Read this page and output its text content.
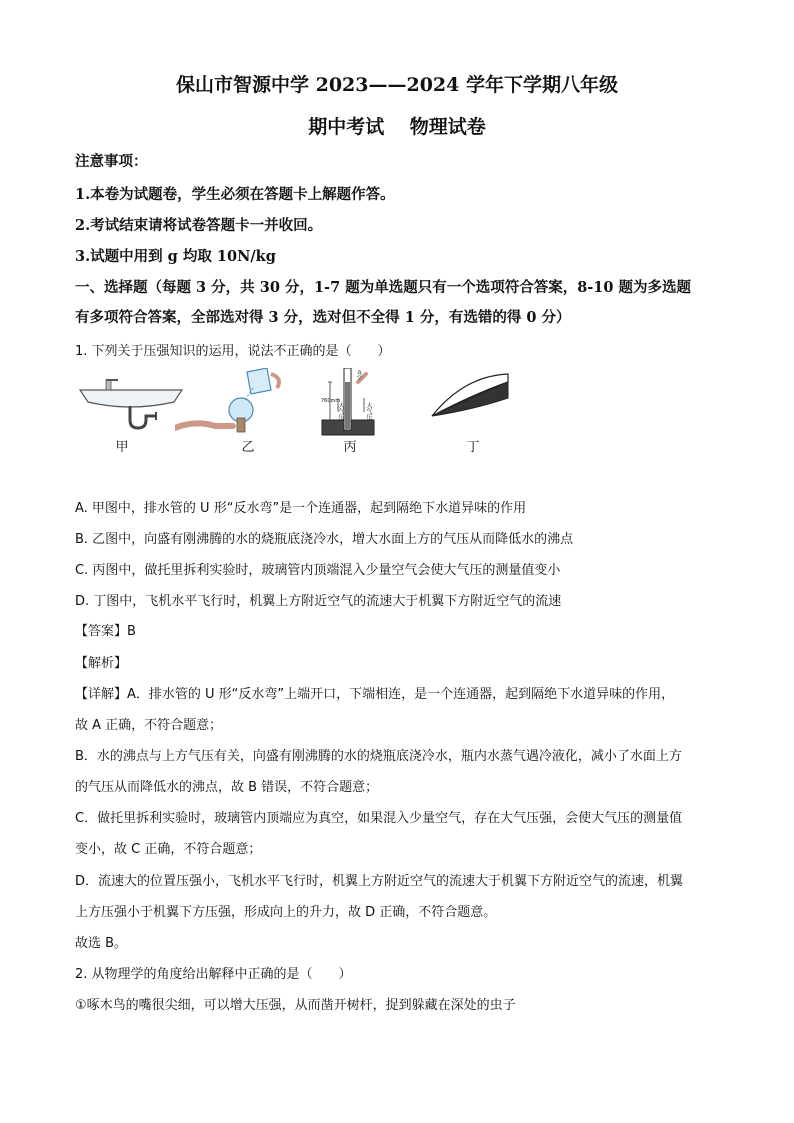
保山市智源中学 2023——2024 学年下学期八年级
期中考试　 物理试卷
注意事项：
1.本卷为试题卷，学生必须在答题卡上解题作答。
2.考试结束请将试卷答题卡一并收回。
3.试题中用到 g 均取 10N/kg
一、选择题（每题 3 分，共 30 分，1-7 题为单选题只有一个选项符合答案，8-10 题为多选题
有多项符合答案，全部选对得 3 分，选对但不全得 1 分，有选错的得 0 分）
1. 下列关于压强知识的运用，说法不正确的是（　　）
甲	乙
真空
760mm
大气压	大气压
丙	丁
A. 甲图中，排水管的 U 形“反水弯”是一个连通器，起到隔绝下水道异味的作用
B. 乙图中，向盛有刚沸腾的水的烧瓶底浇冷水，增大水面上方的气压从而降低水的沸点
C. 丙图中，做托里拆利实验时，玻璃管内顶端混入少量空气会使大气压的测量值变小
D. 丁图中，飞机水平飞行时，机翼上方附近空气的流速大于机翼下方附近空气的流速
【答案】B
【解析】
【详解】A．排水管的 U 形“反水弯”上端开口，下端相连，是一个连通器，起到隔绝下水道异味的作用，
故 A 正确，不符合题意；
B．水的沸点与上方气压有关，向盛有刚沸腾的水的烧瓶底浇冷水，瓶内水蒸气遇冷液化，减小了水面上方
的气压从而降低水的沸点，故 B 错误，不符合题意；
C．做托里拆利实验时，玻璃管内顶端应为真空，如果混入少量空气，存在大气压强，会使大气压的测量值
变小，故 C 正确，不符合题意；
D．流速大的位置压强小，飞机水平飞行时，机翼上方附近空气的流速大于机翼下方附近空气的流速，机翼
上方压强小于机翼下方压强，形成向上的升力，故 D 正确，不符合题意。
故选 B。
2. 从物理学的角度给出解释中正确的是（　　）
①啄木鸟的嘴很尖细，可以增大压强，从而凿开树杆，捉到躲藏在深处的虫子
